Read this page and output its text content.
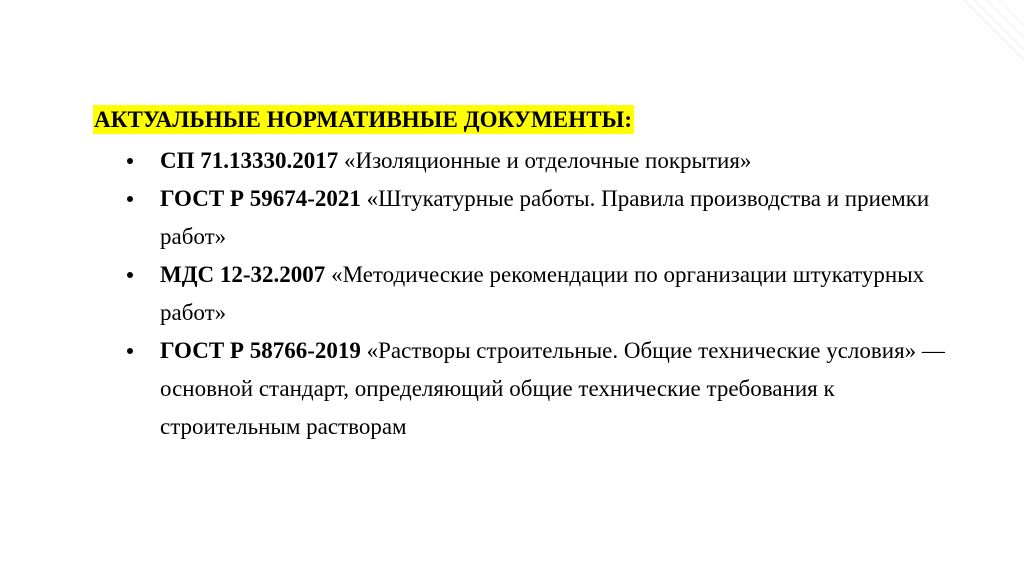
АКТУАЛЬНЫЕ НОРМАТИВНЫЕ ДОКУМЕНТЫ:
СП 71.13330.2017 «Изоляционные и отделочные покрытия»
ГОСТ Р 59674-2021 «Штукатурные работы. Правила производства и приемки работ»
МДС 12-32.2007 «Методические рекомендации по организации штукатурных работ»
ГОСТ Р 58766-2019 «Растворы строительные. Общие технические условия» — основной стандарт, определяющий общие технические требования к строительным растворам
